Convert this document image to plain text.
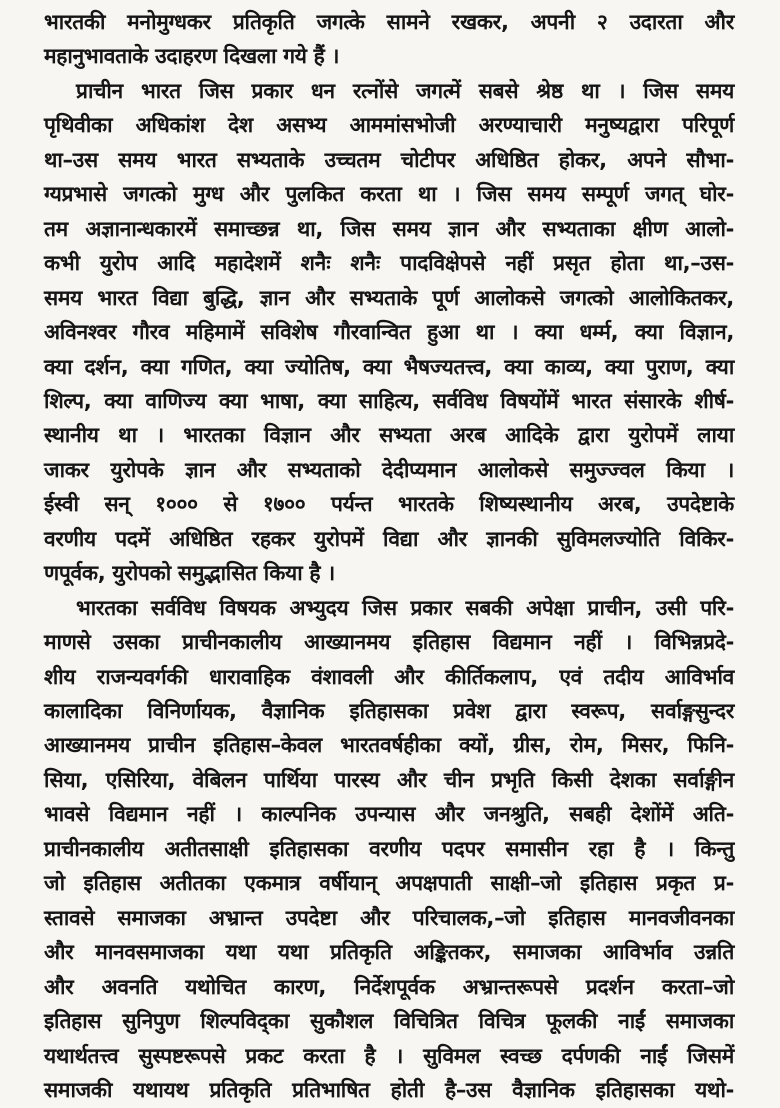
भारतकी मनोमुग्धकर प्रतिकृति जगत्के सामने रखकर, अपनी २ उदारता और
महानुभावताके उदाहरण दिखला गये हैं ।
प्राचीन भारत जिस प्रकार धन रत्नोंसे जगत्में सबसे श्रेष्ठ था । जिस समय
पृथिवीका अधिकांश देश असभ्य आममांसभोजी अरण्याचारी मनुष्यद्वारा परिपूर्ण
था–उस समय भारत सभ्यताके उच्चतम चोटीपर अधिष्ठित होकर, अपने सौभा-
ग्यप्रभासे जगत्को मुग्ध और पुलकित करता था । जिस समय सम्पूर्ण जगत् घोर-
तम अज्ञानान्धकारमें समाच्छन्न था, जिस समय ज्ञान और सभ्यताका क्षीण आलो-
कभी युरोप आदि महादेशमें शनैः शनैः पादविक्षेपसे नहीं प्रसृत होता था,–उस-
समय भारत विद्या बुद्धि, ज्ञान और सभ्यताके पूर्ण आलोकसे जगत्को आलोकितकर,
अविनश्वर गौरव महिमामें सविशेष गौरवान्वित हुआ था । क्या धर्म्म, क्या विज्ञान,
क्या दर्शन, क्या गणित, क्या ज्योतिष, क्या भैषज्यतत्त्व, क्या काव्य, क्या पुराण, क्या
शिल्प, क्या वाणिज्य क्या भाषा, क्या साहित्य, सर्वविध विषयोंमें भारत संसारके शीर्ष-
स्थानीय था । भारतका विज्ञान और सभ्यता अरब आदिके द्वारा युरोपमें लाया
जाकर युरोपके ज्ञान और सभ्यताको देदीप्यमान आलोकसे समुज्ज्वल किया ।
ईस्वी सन् १००० से १७०० पर्यन्त भारतके शिष्यस्थानीय अरब, उपदेष्टाके
वरणीय पदमें अधिष्ठित रहकर युरोपमें विद्या और ज्ञानकी सुविमलज्योति विकिर-
णपूर्वक, युरोपको समुद्भासित किया है ।
भारतका सर्वविध विषयक अभ्युदय जिस प्रकार सबकी अपेक्षा प्राचीन, उसी परि-
माणसे उसका प्राचीनकालीय आख्यानमय इतिहास विद्यमान नहीं । विभिन्नप्रदे-
शीय राजन्यवर्गकी धारावाहिक वंशावली और कीर्तिकलाप, एवं तदीय आविर्भाव
कालादिका विनिर्णायक, वैज्ञानिक इतिहासका प्रवेश द्वारा स्वरूप, सर्वाङ्गसुन्दर
आख्यानमय प्राचीन इतिहास–केवल भारतवर्षहीका क्यों, ग्रीस, रोम, मिसर, फिनि-
सिया, एसिरिया, वेबिलन पार्थिया पारस्य और चीन प्रभृति किसी देशका सर्वाङ्गीन
भावसे विद्यमान नहीं । काल्पनिक उपन्यास और जनश्रुति, सबही देशोंमें अति-
प्राचीनकालीय अतीतसाक्षी इतिहासका वरणीय पदपर समासीन रहा है । किन्तु
जो इतिहास अतीतका एकमात्र वर्षीयान् अपक्षपाती साक्षी–जो इतिहास प्रकृत प्र-
स्तावसे समाजका अभ्रान्त उपदेष्टा और परिचालक,–जो इतिहास मानवजीवनका
और मानवसमाजका यथा यथा प्रतिकृति अङ्कितकर, समाजका आविर्भाव उन्नति
और अवनति यथोचित कारण, निर्देशपूर्वक अभ्रान्तरूपसे प्रदर्शन करता–जो
इतिहास सुनिपुण शिल्पविद्का सुकौशल विचित्रित विचित्र फूलकी नाईं समाजका
यथार्थतत्त्व सुस्पष्टरूपसे प्रकट करता है । सुविमल स्वच्छ दर्पणकी नाईं जिसमें
समाजकी यथायथ प्रतिकृति प्रतिभाषित होती है–उस वैज्ञानिक इतिहासका यथो-
